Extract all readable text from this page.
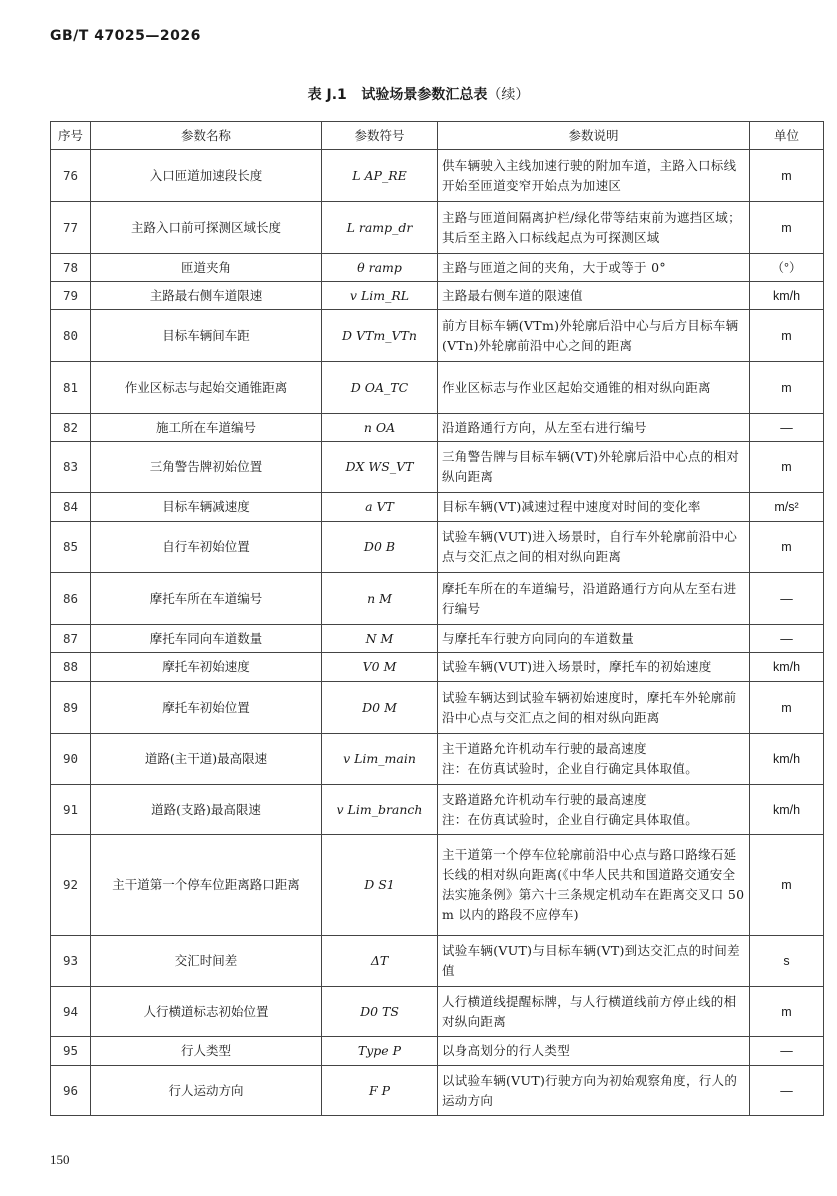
GB/T 47025—2026
表 J.1 试验场景参数汇总表（续）
序号	参数名称	参数符号	参数说明	单位
76	入口匝道加速段长度	L AP_RE	供车辆驶入主线加速行驶的附加车道，主路入口标线开始至匝道变窄开始点为加速区	m
77	主路入口前可探测区域长度	L ramp_dr	主路与匝道间隔离护栏/绿化带等结束前为遮挡区域；其后至主路入口标线起点为可探测区域	m
78	匝道夹角	θ ramp	主路与匝道之间的夹角，大于或等于 0°	（°）
79	主路最右侧车道限速	v Lim_RL	主路最右侧车道的限速值	km/h
80	目标车辆间车距	D VTm_VTn	前方目标车辆(VTm)外轮廓后沿中心与后方目标车辆(VTn)外轮廓前沿中心之间的距离	m
81	作业区标志与起始交通锥距离	D OA_TC	作业区标志与作业区起始交通锥的相对纵向距离	m
82	施工所在车道编号	n OA	沿道路通行方向，从左至右进行编号	—
83	三角警告牌初始位置	DX WS_VT	三角警告牌与目标车辆(VT)外轮廓后沿中心点的相对纵向距离	m
84	目标车辆减速度	a VT	目标车辆(VT)减速过程中速度对时间的变化率	m/s²
85	自行车初始位置	D0 B	试验车辆(VUT)进入场景时，自行车外轮廓前沿中心点与交汇点之间的相对纵向距离	m
86	摩托车所在车道编号	n M	摩托车所在的车道编号，沿道路通行方向从左至右进行编号	—
87	摩托车同向车道数量	N M	与摩托车行驶方向同向的车道数量	—
88	摩托车初始速度	V0 M	试验车辆(VUT)进入场景时，摩托车的初始速度	km/h
89	摩托车初始位置	D0 M	试验车辆达到试验车辆初始速度时，摩托车外轮廓前沿中心点与交汇点之间的相对纵向距离	m
90	道路(主干道)最高限速	v Lim_main	主干道路允许机动车行驶的最高速度
注：在仿真试验时，企业自行确定具体取值。	km/h
91	道路(支路)最高限速	v Lim_branch	支路道路允许机动车行驶的最高速度
注：在仿真试验时，企业自行确定具体取值。	km/h
92	主干道第一个停车位距离路口距离	D S1	主干道第一个停车位轮廓前沿中心点与路口路缘石延长线的相对纵向距离(《中华人民共和国道路交通安全法实施条例》第六十三条规定机动车在距离交叉口 50 m 以内的路段不应停车)	m
93	交汇时间差	ΔT	试验车辆(VUT)与目标车辆(VT)到达交汇点的时间差值	s
94	人行横道标志初始位置	D0 TS	人行横道线提醒标牌，与人行横道线前方停止线的相对纵向距离	m
95	行人类型	Type P	以身高划分的行人类型	—
96	行人运动方向	F P	以试验车辆(VUT)行驶方向为初始观察角度，行人的运动方向	—
150
